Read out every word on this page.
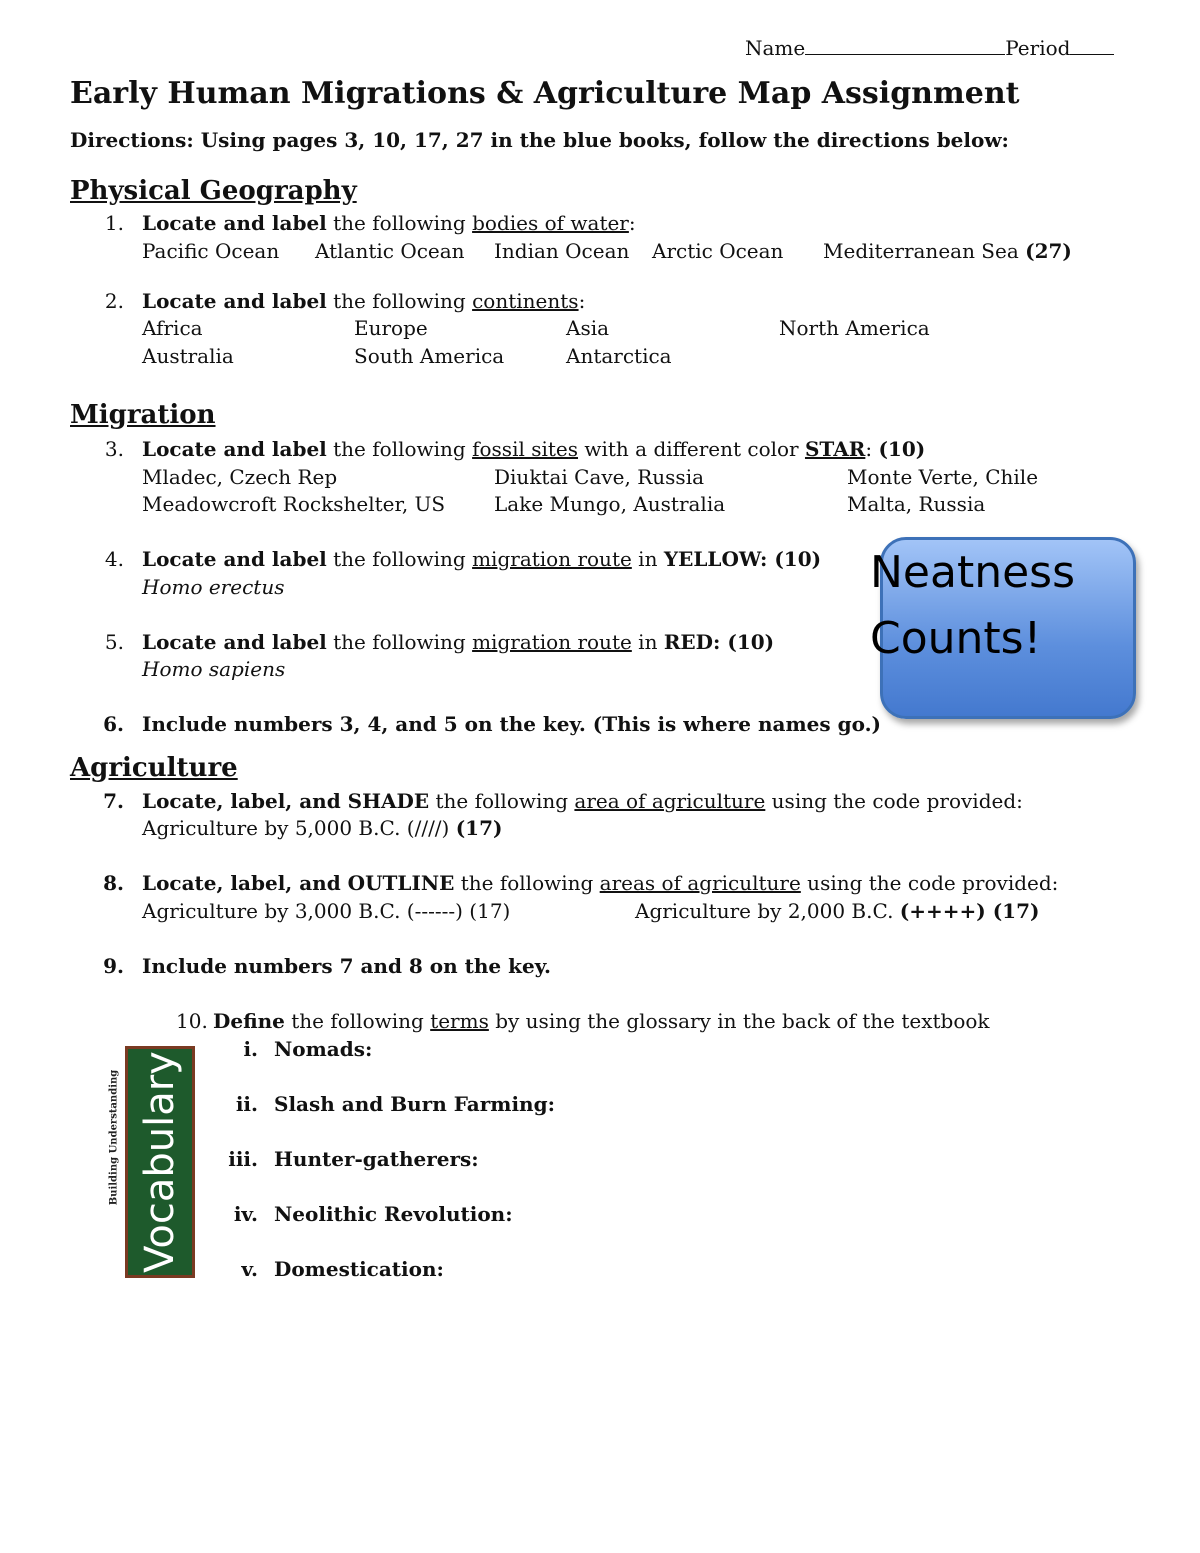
Name	Period
Early Human Migrations & Agriculture Map Assignment
Directions: Using pages 3, 10, 17, 27 in the blue books, follow the directions below:
Physical Geography
1. Locate and label the following bodies of water:
Pacific Ocean Atlantic Ocean Indian Ocean Arctic Ocean Mediterranean Sea (27)
2. Locate and label the following continents:
Africa	Europe	Asia	North America
Australia	South America	Antarctica
Migration
3. Locate and label the following fossil sites with a different color STAR: (10)
Mladec, Czech Rep	Diuktai Cave, Russia	Monte Verte, Chile
Meadowcroft Rockshelter, US Lake Mungo, Australia	Malta, Russia
4. Locate and label the following migration route in YELLOW: (10)
Homo erectus
5. Locate and label the following migration route in RED: (10)
Homo sapiens
6. Include numbers 3, 4, and 5 on the key. (This is where names go.)
Neatness Counts!
Agriculture
7. Locate, label, and SHADE the following area of agriculture using the code provided:
Agriculture by 5,000 B.C. (////) (17)
8. Locate, label, and OUTLINE the following areas of agriculture using the code provided:
Agriculture by 3,000 B.C. (------) (17)	Agriculture by 2,000 B.C. (++++) (17)
9. Include numbers 7 and 8 on the key.
10. Define the following terms by using the glossary in the back of the textbook
i. Nomads:
ii. Slash and Burn Farming:
iii. Hunter-gatherers:
iv. Neolithic Revolution:
v. Domestication:
Building Understanding Vocabulary
